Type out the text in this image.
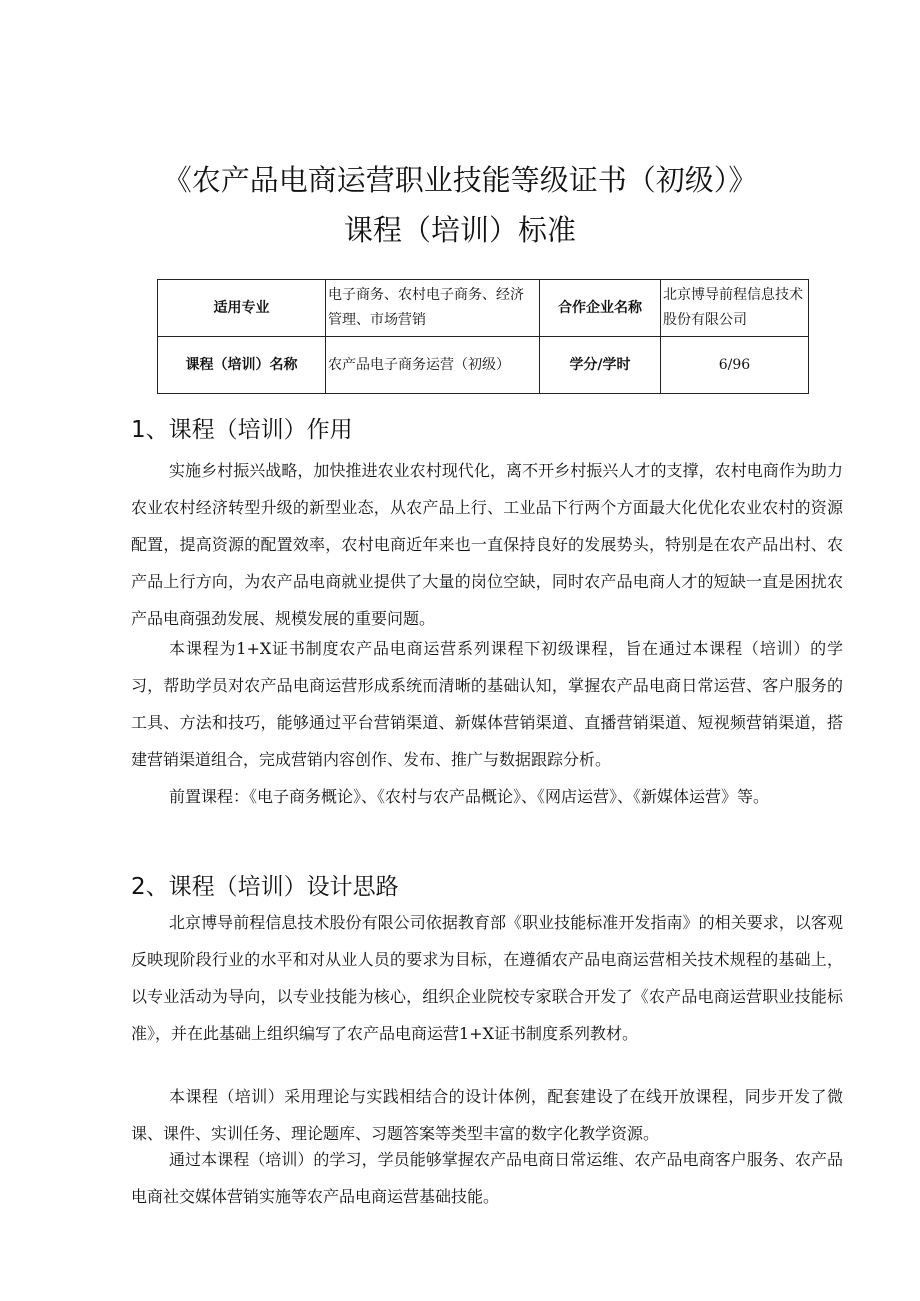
《农产品电商运营职业技能等级证书（初级）》
课程（培训）标准
适用专业	电子商务、农村电子商务、经济管理、市场营销	合作企业名称	北京博导前程信息技术股份有限公司
课程（培训）名称	农产品电子商务运营（初级）	学分/学时	6/96
1、课程（培训）作用
实施乡村振兴战略，加快推进农业农村现代化，离不开乡村振兴人才的支撑，农村电商作为助力农业农村经济转型升级的新型业态，从农产品上行、工业品下行两个方面最大化优化农业农村的资源配置，提高资源的配置效率，农村电商近年来也一直保持良好的发展势头，特别是在农产品出村、农产品上行方向，为农产品电商就业提供了大量的岗位空缺，同时农产品电商人才的短缺一直是困扰农产品电商强劲发展、规模发展的重要问题。
本课程为1+X证书制度农产品电商运营系列课程下初级课程，旨在通过本课程（培训）的学习，帮助学员对农产品电商运营形成系统而清晰的基础认知，掌握农产品电商日常运营、客户服务的工具、方法和技巧，能够通过平台营销渠道、新媒体营销渠道、直播营销渠道、短视频营销渠道，搭建营销渠道组合，完成营销内容创作、发布、推广与数据跟踪分析。
前置课程：《电子商务概论》、《农村与农产品概论》、《网店运营》、《新媒体运营》等。
2、课程（培训）设计思路
北京博导前程信息技术股份有限公司依据教育部《职业技能标准开发指南》的相关要求，以客观反映现阶段行业的水平和对从业人员的要求为目标，在遵循农产品电商运营相关技术规程的基础上，以专业活动为导向，以专业技能为核心，组织企业院校专家联合开发了《农产品电商运营职业技能标准》，并在此基础上组织编写了农产品电商运营1+X证书制度系列教材。
本课程（培训）采用理论与实践相结合的设计体例，配套建设了在线开放课程，同步开发了微课、课件、实训任务、理论题库、习题答案等类型丰富的数字化教学资源。
通过本课程（培训）的学习，学员能够掌握农产品电商日常运维、农产品电商客户服务、农产品电商社交媒体营销实施等农产品电商运营基础技能。
